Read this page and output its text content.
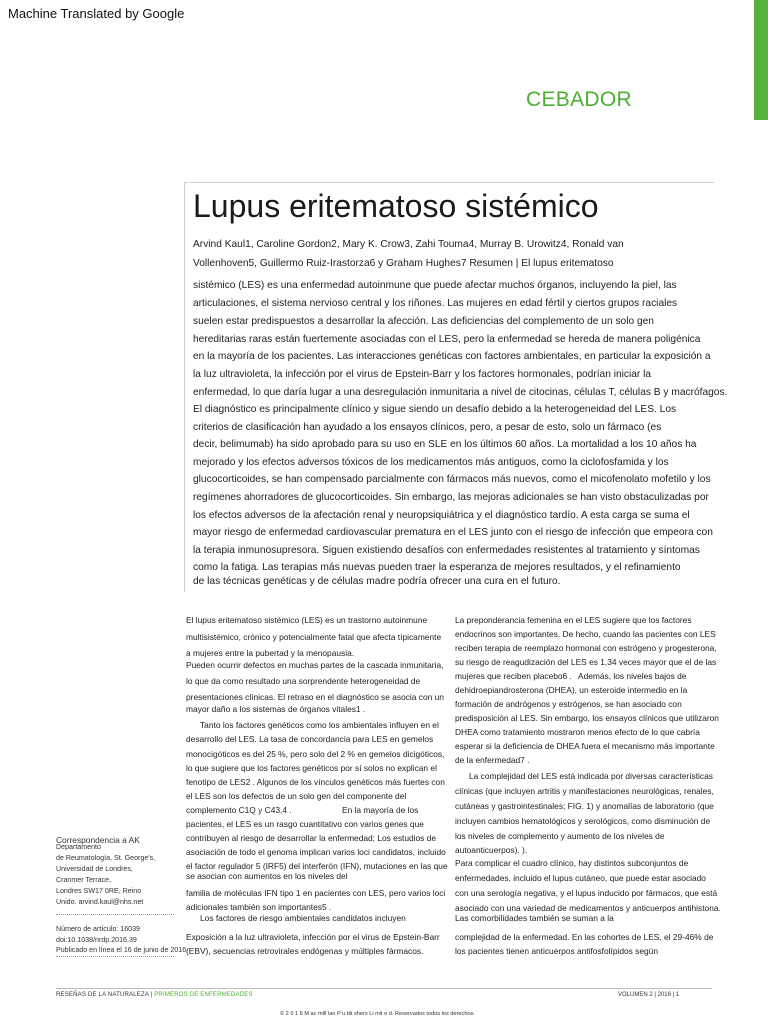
Machine Translated by Google
CEBADOR
Lupus eritematoso sistémico
Arvind Kaul1, Caroline Gordon2, Mary K. Crow3, Zahi Touma4, Murray B. Urowitz4, Ronald van
Vollenhoven5, Guillermo Ruiz-Irastorza6 y Graham Hughes7 Resumen | El lupus eritematoso
sistémico (LES) es una enfermedad autoinmune que puede afectar muchos órganos, incluyendo la piel, las
articulaciones, el sistema nervioso central y los riñones. Las mujeres en edad fértil y ciertos grupos raciales
suelen estar predispuestos a desarrollar la afección. Las deficiencias del complemento de un solo gen
hereditarias raras están fuertemente asociadas con el LES, pero la enfermedad se hereda de manera poligénica
en la mayoría de los pacientes. Las interacciones genéticas con factores ambientales, en particular la exposición a
la luz ultravioleta, la infección por el virus de Epstein-Barr y los factores hormonales, podrían iniciar la
enfermedad, lo que daría lugar a una desregulación inmunitaria a nivel de citocinas, células T, células B y macrófagos.
El diagnóstico es principalmente clínico y sigue siendo un desafío debido a la heterogeneidad del LES. Los
criterios de clasificación han ayudado a los ensayos clínicos, pero, a pesar de esto, solo un fármaco (es
decir, belimumab) ha sido aprobado para su uso en SLE en los últimos 60 años. La mortalidad a los 10 años ha
mejorado y los efectos adversos tóxicos de los medicamentos más antiguos, como la ciclofosfamida y los
glucocorticoides, se han compensado parcialmente con fármacos más nuevos, como el micofenolato mofetilo y los
regímenes ahorradores de glucocorticoides. Sin embargo, las mejoras adicionales se han visto obstaculizadas por
los efectos adversos de la afectación renal y neuropsiquiátrica y el diagnóstico tardío. A esta carga se suma el
mayor riesgo de enfermedad cardiovascular prematura en el LES junto con el riesgo de infección que empeora con
la terapia inmunosupresora. Siguen existiendo desafíos con enfermedades resistentes al tratamiento y síntomas
como la fatiga. Las terapias más nuevas pueden traer la esperanza de mejores resultados, y el refinamiento
de las técnicas genéticas y de células madre podría ofrecer una cura en el futuro.
El lupus eritematoso sistémico (LES) es un trastorno autoinmune
multisistémico, crónico y potencialmente fatal que afecta típicamente
a mujeres entre la pubertad y la menopausia.
Pueden ocurrir defectos en muchas partes de la cascada inmunitaria,
lo que da como resultado una sorprendente heterogeneidad de
presentaciones clínicas. El retraso en el diagnóstico se asocia con un
mayor daño a los sistemas de órganos vitales1 .
Tanto los factores genéticos como los ambientales influyen en el
desarrollo del LES. La tasa de concordancia para LES en gemelos
monocigóticos es del 25 %, pero solo del 2 % en gemelos dicigóticos,
lo que sugiere que los factores genéticos por sí solos no explican el
fenotipo de LES2 . Algunos de los vínculos genéticos más fuertes con
el LES son los defectos de un solo gen del componente del
complemento C1Q y C43,4 .	En la mayoría de los
pacientes, el LES es un rasgo cuantitativo con varios genes que
contribuyen al riesgo de desarrollar la enfermedad; Los estudios de
asociación de todo el genoma implican varios loci candidatos, incluido
el factor regulador 5 (IRF5) del interferón (IFN), mutaciones en las que
se asocian con aumentos en los niveles del
familia de moléculas IFN tipo 1 en pacientes con LES, pero varios loci
adicionales también son importantes5 .
Los factores de riesgo ambientales candidatos incluyen
Exposición a la luz ultravioleta, infección por el virus de Epstein-Barr
(EBV), secuencias retrovirales endógenas y múltiples fármacos.
La preponderancia femenina en el LES sugiere que los factores
endocrinos son importantes. De hecho, cuando las pacientes con LES
reciben terapia de reemplazo hormonal con estrógeno y progesterona,
su riesgo de reagudización del LES es 1,34 veces mayor que el de las
mujeres que reciben placebo6 . Además, los niveles bajos de
dehidroepiandrosterona (DHEA), un esteroide intermedio en la
formación de andrógenos y estrógenos, se han asociado con
predisposición al LES. Sin embargo, los ensayos clínicos que utilizaron
DHEA como tratamiento mostraron menos efecto de lo que cabría
esperar si la deficiencia de DHEA fuera el mecanismo más importante
de la enfermedad7 .
La complejidad del LES está indicada por diversas características
clínicas (que incluyen artritis y manifestaciones neurológicas, renales,
cutáneas y gastrointestinales; FIG. 1) y anomalías de laboratorio (que
incluyen cambios hematológicos y serológicos, como disminución de
los niveles de complemento y aumento de los niveles de
autoanticuerpos). ).
Para complicar el cuadro clínico, hay distintos subconjuntos de
enfermedades, incluido el lupus cutáneo, que puede estar asociado
con una serología negativa, y el lupus inducido por fármacos, que está
asociado con una variedad de medicamentos y anticuerpos antihistona.
Las comorbilidades también se suman a la
complejidad de la enfermedad. En las cohortes de LES, el 29-46% de
los pacientes tienen anticuerpos antifosfolípidos según
Correspondencia a AK
Departamento
de Reumatología, St. George's,
Universidad de Londres,
Cranmer Terrace,
Londres SW17 0RE, Reino
Unido. arvind.kaul@nhs.net
Número de artículo: 16039
doi:10.1038/nrdp.2016.39
Publicado en línea el 16 de junio de 2016
RESEÑAS DE LA NATURALEZA | PRIMEROS DE ENFERMEDADES	VOLUMEN 2 | 2016 | 1
© 2 0 1 6 M ac mill lan P u bli shers Li mit e d. Reservados todos los derechos.
